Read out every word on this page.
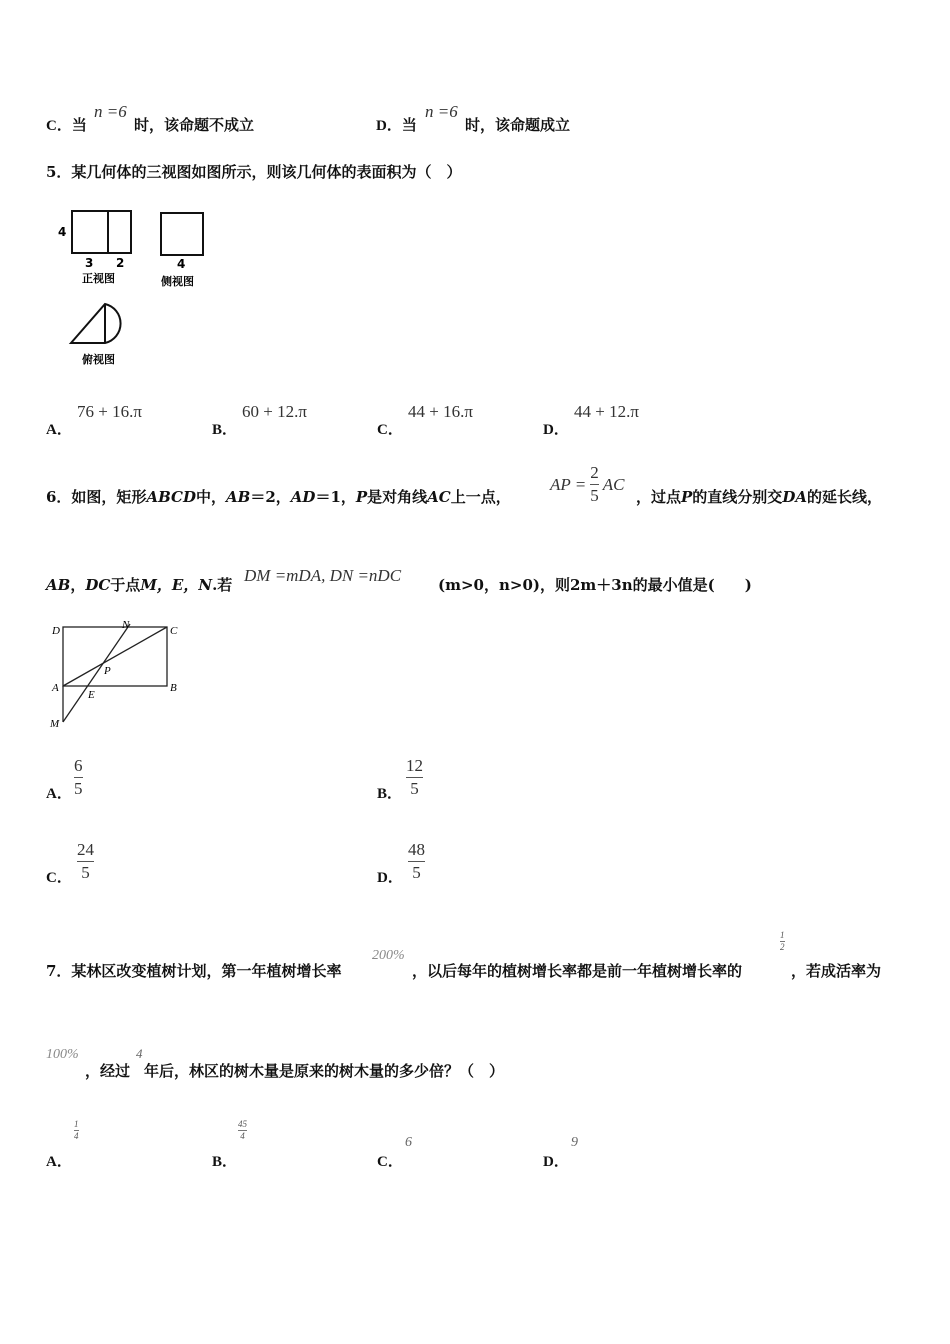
C．当
n =6
时，该命题不成立	D．当
n =6
时，该命题成立
5．某几何体的三视图如图所示，则该几何体的表面积为（　）
4
3 2	4
正视图	侧视图
俯视图
A．
76 + 16.π
B．
60 + 12.π
C．
44 + 16.π
D．
44 + 12.π
6．如图，矩形ABCD中，AB＝2，AD＝1，P是对角线AC上一点，
AP = $\frac{2}{5}$ AC
，过点P的直线分别交DA的延长线，
AB，DC于点M，E，N.若 DM =mDA, DN =nDC (m>0，n>0)，则2m＋3n的最小值是(　　)
D	N	C
P
A
E
B
M
A．
6
5	B．
12
5
C．
24
5	D．
48
5
7．某林区改变植树计划，第一年植树增长率
200%
，以后每年的植树增长率都是前一年植树增长率的
1
2
，若成活率为
100%
，经过
4
年后，林区的树木量是原来的树木量的多少倍？（　）
A．
1
4
B．
45
4
C．
6
D．
9
